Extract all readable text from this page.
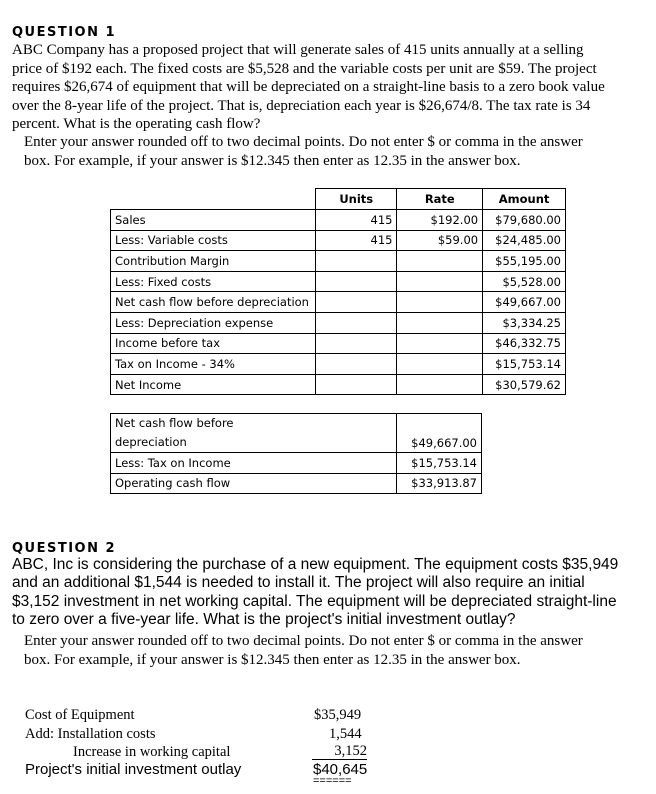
QUESTION 1
ABC Company has a proposed project that will generate sales of 415 units annually at a selling
price of $192 each. The fixed costs are $5,528 and the variable costs per unit are $59. The project
requires $26,674 of equipment that will be depreciated on a straight-line basis to a zero book value
over the 8-year life of the project. That is, depreciation each year is $26,674/8. The tax rate is 34
percent. What is the operating cash flow?
Enter your answer rounded off to two decimal points. Do not enter $ or comma in the answer
box. For example, if your answer is $12.345 then enter as 12.35 in the answer box.
	Units	Rate	Amount
Sales	415	$192.00	$79,680.00
Less: Variable costs	415	$59.00	$24,485.00
Contribution Margin			$55,195.00
Less: Fixed costs			$5,528.00
Net cash flow before depreciation			$49,667.00
Less: Depreciation expense			$3,334.25
Income before tax			$46,332.75
Tax on Income - 34%			$15,753.14
Net Income			$30,579.62
Net cash flow before
depreciation	$49,667.00
Less: Tax on Income	$15,753.14
Operating cash flow	$33,913.87
QUESTION 2
ABC, Inc is considering the purchase of a new equipment. The equipment costs $35,949
and an additional $1,544 is needed to install it. The project will also require an initial
$3,152 investment in net working capital. The equipment will be depreciated straight-line
to zero over a five-year life. What is the project's initial investment outlay?
Enter your answer rounded off to two decimal points. Do not enter $ or comma in the answer
box. For example, if your answer is $12.345 then enter as 12.35 in the answer box.
Cost of Equipment	$35,949
Add: Installation costs	1,544
Increase in working capital	3,152
Project's initial investment outlay	$40,645
======
